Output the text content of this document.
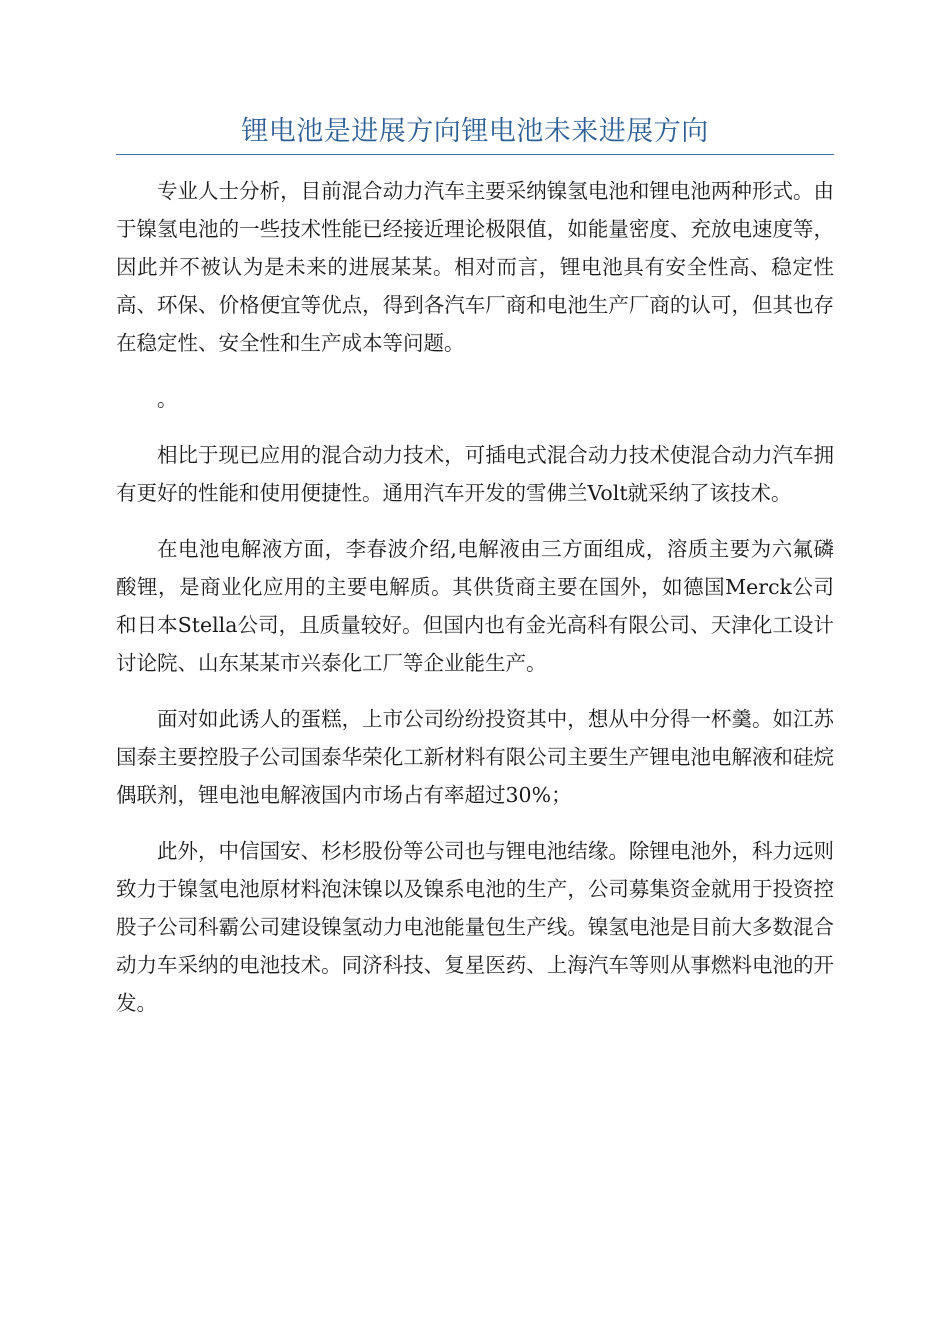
锂电池是进展方向锂电池未来进展方向

专业人士分析，目前混合动力汽车主要采纳镍氢电池和锂电池两种形式。由于镍氢电池的一些技术性能已经接近理论极限值，如能量密度、充放电速度等，因此并不被认为是未来的进展某某。相对而言，锂电池具有安全性高、稳定性高、环保、价格便宜等优点，得到各汽车厂商和电池生产厂商的认可，但其也存在稳定性、安全性和生产成本等问题。

。

相比于现已应用的混合动力技术，可插电式混合动力技术使混合动力汽车拥有更好的性能和使用便捷性。通用汽车开发的雪佛兰Volt就采纳了该技术。

在电池电解液方面，李春波介绍,电解液由三方面组成，溶质主要为六氟磷酸锂，是商业化应用的主要电解质。其供货商主要在国外，如德国Merck公司和日本Stella公司，且质量较好。但国内也有金光高科有限公司、天津化工设计讨论院、山东某某市兴泰化工厂等企业能生产。

面对如此诱人的蛋糕，上市公司纷纷投资其中，想从中分得一杯羹。如江苏国泰主要控股子公司国泰华荣化工新材料有限公司主要生产锂电池电解液和硅烷偶联剂，锂电池电解液国内市场占有率超过30%；

此外，中信国安、杉杉股份等公司也与锂电池结缘。除锂电池外，科力远则致力于镍氢电池原材料泡沫镍以及镍系电池的生产，公司募集资金就用于投资控股子公司科霸公司建设镍氢动力电池能量包生产线。镍氢电池是目前大多数混合动力车采纳的电池技术。同济科技、复星医药、上海汽车等则从事燃料电池的开发。
